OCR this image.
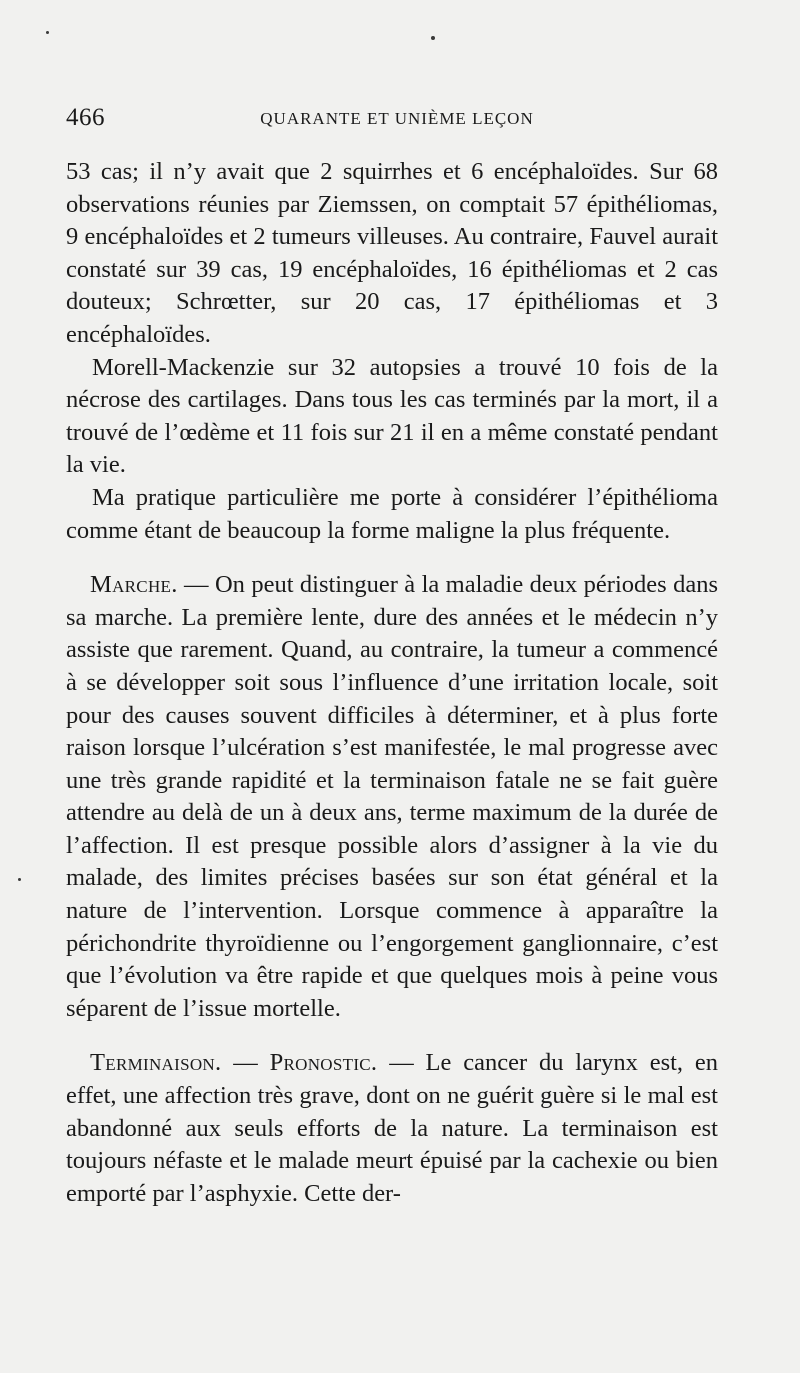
466	QUARANTE ET UNIÈME LEÇON

53 cas; il n’y avait que 2 squirrhes et 6 encéphaloïdes. Sur 68 observations réunies par Ziemssen, on comptait 57 épithéliomas, 9 encéphaloïdes et 2 tumeurs villeuses. Au contraire, Fauvel aurait constaté sur 39 cas, 19 encéphaloïdes, 16 épithéliomas et 2 cas douteux; Schrœtter, sur 20 cas, 17 épithéliomas et 3 encéphaloïdes.

Morell-Mackenzie sur 32 autopsies a trouvé 10 fois de la nécrose des cartilages. Dans tous les cas terminés par la mort, il a trouvé de l’œdème et 11 fois sur 21 il en a même constaté pendant la vie.

Ma pratique particulière me porte à considérer l’épithélioma comme étant de beaucoup la forme maligne la plus fréquente.

Marche. — On peut distinguer à la maladie deux périodes dans sa marche. La première lente, dure des années et le médecin n’y assiste que rarement. Quand, au contraire, la tumeur a commencé à se développer soit sous l’influence d’une irritation locale, soit pour des causes souvent difficiles à déterminer, et à plus forte raison lorsque l’ulcération s’est manifestée, le mal progresse avec une très grande rapidité et la terminaison fatale ne se fait guère attendre au delà de un à deux ans, terme maximum de la durée de l’affection. Il est presque possible alors d’assigner à la vie du malade, des limites précises basées sur son état général et la nature de l’intervention. Lorsque commence à apparaître la périchondrite thyroïdienne ou l’engorgement ganglionnaire, c’est que l’évolution va être rapide et que quelques mois à peine vous séparent de l’issue mortelle.

Terminaison. — Pronostic. — Le cancer du larynx est, en effet, une affection très grave, dont on ne guérit guère si le mal est abandonné aux seuls efforts de la nature. La terminaison est toujours néfaste et le malade meurt épuisé par la cachexie ou bien emporté par l’asphyxie. Cette der-
